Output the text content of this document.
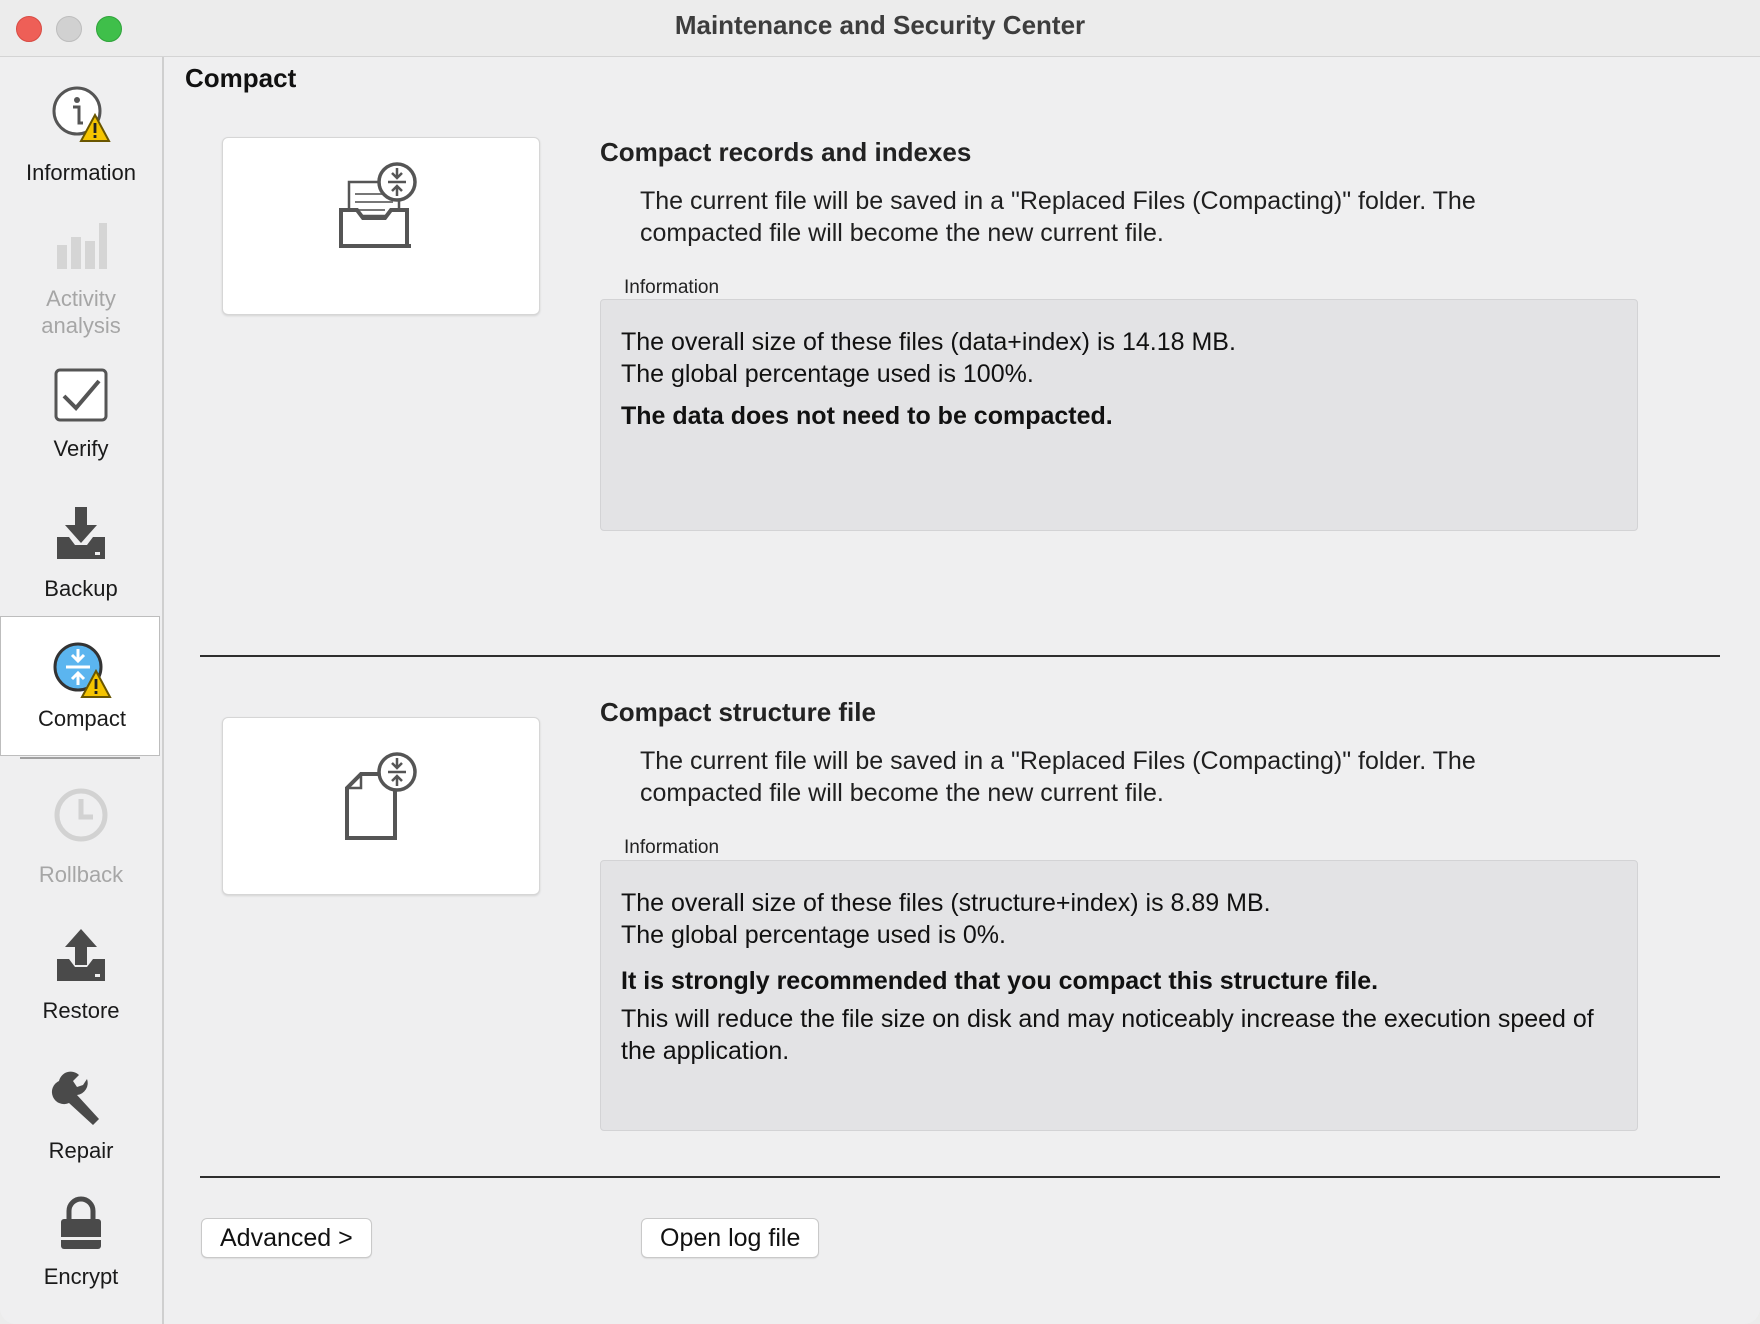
Maintenance and Security Center
Information
Activity analysis
Verify
Backup
Compact
Rollback
Restore
Repair
Encrypt
Compact
Compact records and indexes
The current file will be saved in a "Replaced Files (Compacting)" folder. The compacted file will become the new current file.
Information
The overall size of these files (data+index) is 14.18 MB.
The global percentage used is 100%.
The data does not need to be compacted.
Compact structure file
The current file will be saved in a "Replaced Files (Compacting)" folder. The compacted file will become the new current file.
Information
The overall size of these files (structure+index) is 8.89 MB.
The global percentage used is 0%.
It is strongly recommended that you compact this structure file.
This will reduce the file size on disk and may noticeably increase the execution speed of the application.
Advanced >	Open log file
